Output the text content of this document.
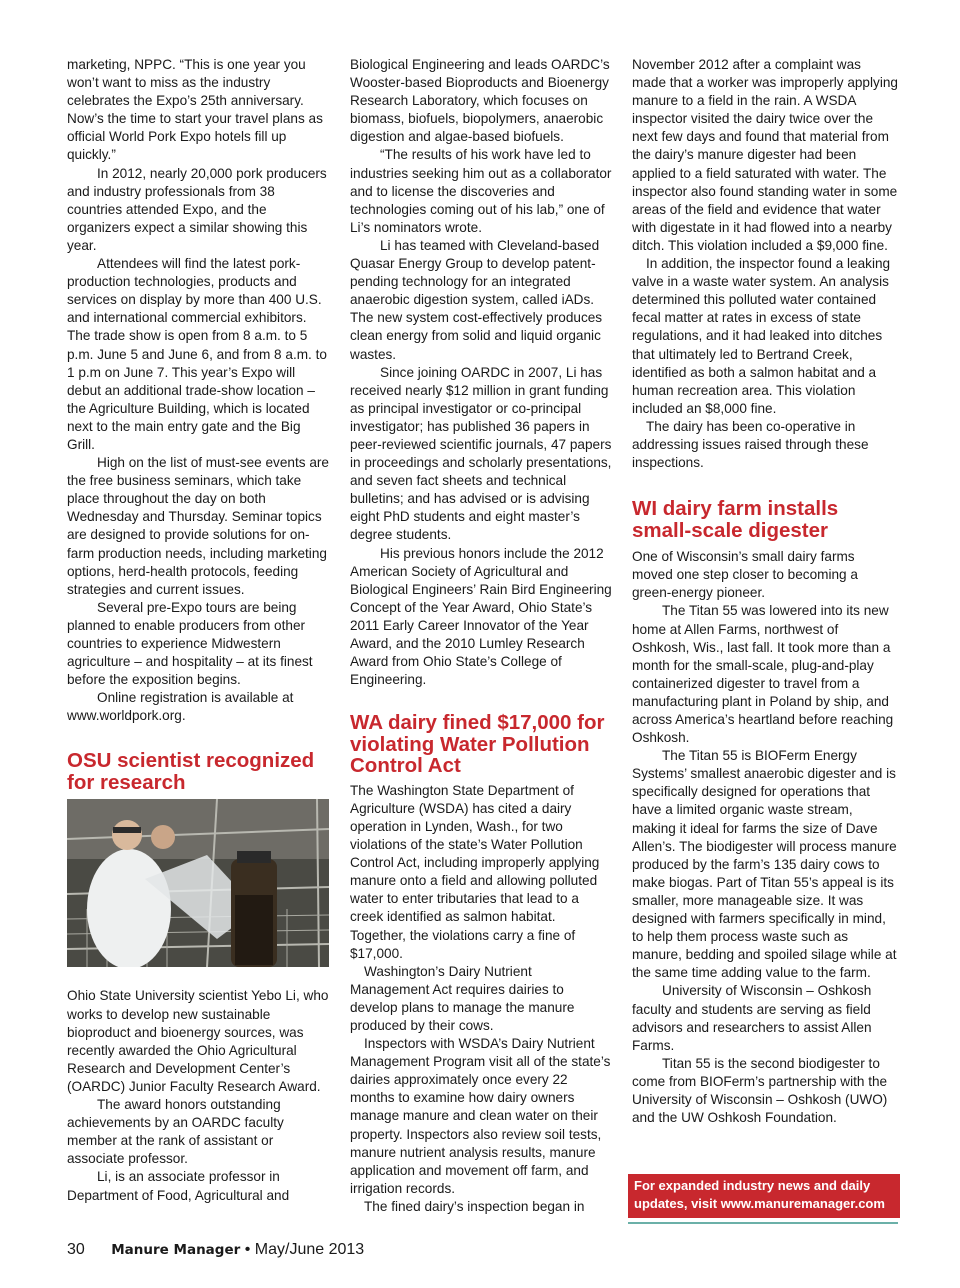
marketing, NPPC. “This is one year you won’t want to miss as the industry celebrates the Expo’s 25th anniversary. Now’s the time to start your travel plans as official World Pork Expo hotels fill up quickly.”

In 2012, nearly 20,000 pork producers and industry professionals from 38 countries attended Expo, and the organizers expect a similar showing this year.

Attendees will find the latest pork-production technologies, products and services on display by more than 400 U.S. and international commercial exhibitors. The trade show is open from 8 a.m. to 5 p.m. June 5 and June 6, and from 8 a.m. to 1 p.m on June 7. This year’s Expo will debut an additional trade-show location – the Agriculture Building, which is located next to the main entry gate and the Big Grill.

High on the list of must-see events are the free business seminars, which take place throughout the day on both Wednesday and Thursday. Seminar topics are designed to provide solutions for on-farm production needs, including marketing options, herd-health protocols, feeding strategies and current issues.

Several pre-Expo tours are being planned to enable producers from other countries to experience Midwestern agriculture – and hospitality – at its finest before the exposition begins.

Online registration is available at www.worldpork.org.

OSU scientist recognized for research

Ohio State University scientist Yebo Li, who works to develop new sustainable bioproduct and bioenergy sources, was recently awarded the Ohio Agricultural Research and Development Center’s (OARDC) Junior Faculty Research Award.

The award honors outstanding achievements by an OARDC faculty member at the rank of assistant or associate professor.

Li, is an associate professor in Department of Food, Agricultural and

Biological Engineering and leads OARDC’s Wooster-based Bioproducts and Bioenergy Research Laboratory, which focuses on biomass, biofuels, biopolymers, anaerobic digestion and algae-based biofuels.

“The results of his work have led to industries seeking him out as a collaborator and to license the discoveries and technologies coming out of his lab,” one of Li’s nominators wrote.

Li has teamed with Cleveland-based Quasar Energy Group to develop patent-pending technology for an integrated anaerobic digestion system, called iADs. The new system cost-effectively produces clean energy from solid and liquid organic wastes.

Since joining OARDC in 2007, Li has received nearly $12 million in grant funding as principal investigator or co-principal investigator; has published 36 papers in peer-reviewed scientific journals, 47 papers in proceedings and scholarly presentations, and seven fact sheets and technical bulletins; and has advised or is advising eight PhD students and eight master’s degree students.

His previous honors include the 2012 American Society of Agricultural and Biological Engineers’ Rain Bird Engineering Concept of the Year Award, Ohio State’s 2011 Early Career Innovator of the Year Award, and the 2010 Lumley Research Award from Ohio State’s College of Engineering.

WA dairy fined $17,000 for violating Water Pollution Control Act

The Washington State Department of Agriculture (WSDA) has cited a dairy operation in Lynden, Wash., for two violations of the state’s Water Pollution Control Act, including improperly applying manure onto a field and allowing polluted water to enter tributaries that lead to a creek identified as salmon habitat. Together, the violations carry a fine of $17,000.

Washington’s Dairy Nutrient Management Act requires dairies to develop plans to manage the manure produced by their cows.

Inspectors with WSDA’s Dairy Nutrient Management Program visit all of the state’s dairies approximately once every 22 months to examine how dairy owners manage manure and clean water on their property. Inspectors also review soil tests, manure nutrient analysis results, manure application and movement off farm, and irrigation records.

The fined dairy’s inspection began in

November 2012 after a complaint was made that a worker was improperly applying manure to a field in the rain. A WSDA inspector visited the dairy twice over the next few days and found that material from the dairy’s manure digester had been applied to a field saturated with water. The inspector also found standing water in some areas of the field and evidence that water with digestate in it had flowed into a nearby ditch. This violation included a $9,000 fine.

In addition, the inspector found a leaking valve in a waste water system. An analysis determined this polluted water contained fecal matter at rates in excess of state regulations, and it had leaked into ditches that ultimately led to Bertrand Creek, identified as both a salmon habitat and a human recreation area. This violation included an $8,000 fine.

The dairy has been co-operative in addressing issues raised through these inspections.

WI dairy farm installs small-scale digester

One of Wisconsin’s small dairy farms moved one step closer to becoming a green-energy pioneer.

The Titan 55 was lowered into its new home at Allen Farms, northwest of Oshkosh, Wis., last fall. It took more than a month for the small-scale, plug-and-play containerized digester to travel from a manufacturing plant in Poland by ship, and across America’s heartland before reaching Oshkosh.

The Titan 55 is BIOFerm Energy Systems’ smallest anaerobic digester and is specifically designed for operations that have a limited organic waste stream, making it ideal for farms the size of Dave Allen’s. The biodigester will process manure produced by the farm’s 135 dairy cows to make biogas. Part of Titan 55’s appeal is its smaller, more manageable size. It was designed with farmers specifically in mind, to help them process waste such as manure, bedding and spoiled silage while at the same time adding value to the farm.

University of Wisconsin – Oshkosh faculty and students are serving as field advisors and researchers to assist Allen Farms.

Titan 55 is the second biodigester to come from BIOFerm’s partnership with the University of Wisconsin – Oshkosh (UWO) and the UW Oshkosh Foundation.

For expanded industry news and daily
updates, visit www.manuremanager.com
30 Manure Manager • May/June 2013
